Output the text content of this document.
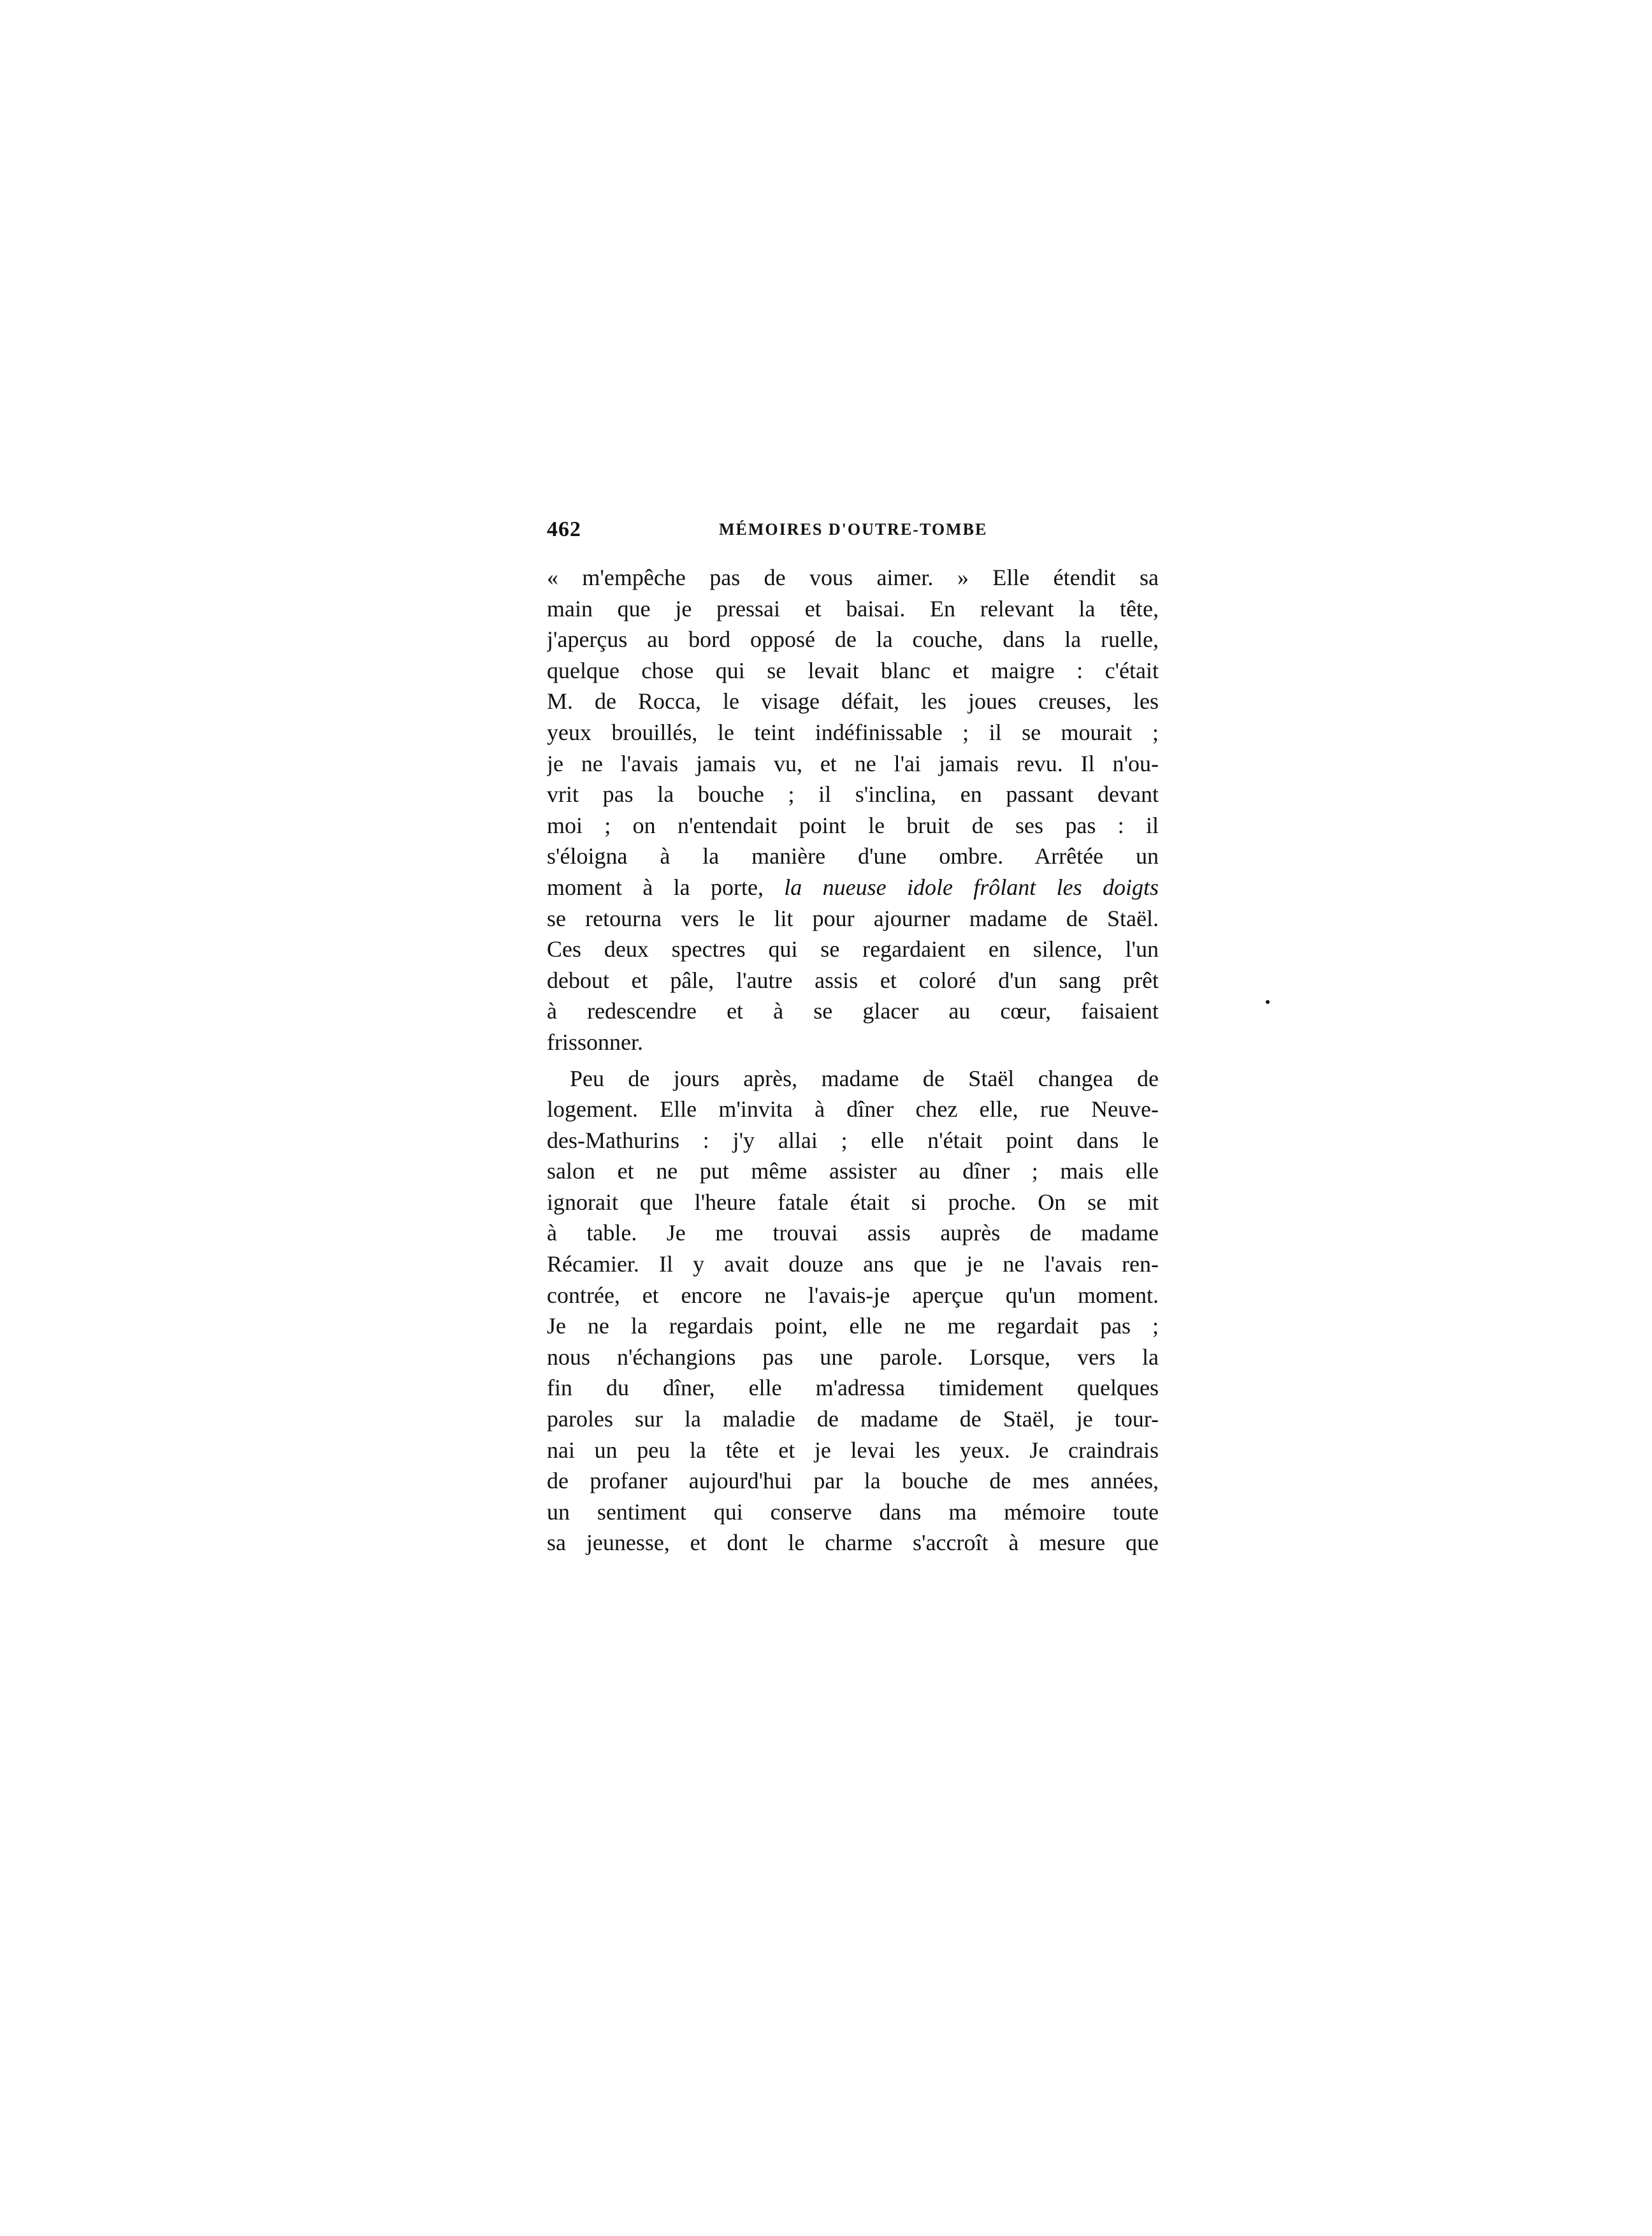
462	MÉMOIRES D'OUTRE-TOMBE
« m'empêche pas de vous aimer. » Elle étendit sa
main que je pressai et baisai. En relevant la tête,
j'aperçus au bord opposé de la couche, dans la ruelle,
quelque chose qui se levait blanc et maigre : c'était
M. de Rocca, le visage défait, les joues creuses, les
yeux brouillés, le teint indéfinissable ; il se mourait ;
je ne l'avais jamais vu, et ne l'ai jamais revu. Il n'ou-
vrit pas la bouche ; il s'inclina, en passant devant
moi ; on n'entendait point le bruit de ses pas : il
s'éloigna à la manière d'une ombre. Arrêtée un
moment à la porte, la nueuse idole frôlant les doigts
se retourna vers le lit pour ajourner madame de Staël.
Ces deux spectres qui se regardaient en silence, l'un
debout et pâle, l'autre assis et coloré d'un sang prêt
à redescendre et à se glacer au cœur, faisaient
frissonner.
Peu de jours après, madame de Staël changea de
logement. Elle m'invita à dîner chez elle, rue Neuve-
des-Mathurins : j'y allai ; elle n'était point dans le
salon et ne put même assister au dîner ; mais elle
ignorait que l'heure fatale était si proche. On se mit
à table. Je me trouvai assis auprès de madame
Récamier. Il y avait douze ans que je ne l'avais ren-
contrée, et encore ne l'avais-je aperçue qu'un moment.
Je ne la regardais point, elle ne me regardait pas ;
nous n'échangions pas une parole. Lorsque, vers la
fin du dîner, elle m'adressa timidement quelques
paroles sur la maladie de madame de Staël, je tour-
nai un peu la tête et je levai les yeux. Je craindrais
de profaner aujourd'hui par la bouche de mes années,
un sentiment qui conserve dans ma mémoire toute
sa jeunesse, et dont le charme s'accroît à mesure que
